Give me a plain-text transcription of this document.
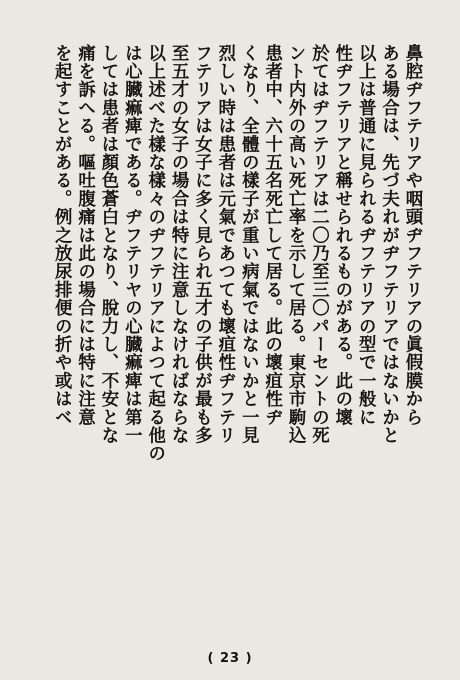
鼻腔ヂフテリアや咽頭ヂフテリアの眞假膜から
ある場合は、先づ夫れがヂフテリアではないかと
以上は普通に見られるヂフテリアの型で一般に
性ヂフテリアと稱せられるものがある。此の壞
於てはヂフテリアは二〇乃至三〇パーセントの死
ント内外の高い死亡率を示して居る。東京市駒込
患者中、六十五名死亡して居る。此の壞疽性ヂ
くなり、全體の樣子が重い病氣ではないかと一見
烈しい時は患者は元氣であつても壞疽性ヂフテリ
フテリアは女子に多く見られ五才の子供が最も多
至五才の女子の場合は特に注意しなければならな
以上述べた樣な樣々のヂフテリアによつて起る他の
は心臓痲痺である。ヂフテリヤの心臓痲痺は第一
しては患者は顏色蒼白となり、脫力し、不安とな
痛を訴へる。嘔吐腹痛は此の場合には特に注意
を起すことがある。例之放尿排便の折や或はベ
( 23 )
